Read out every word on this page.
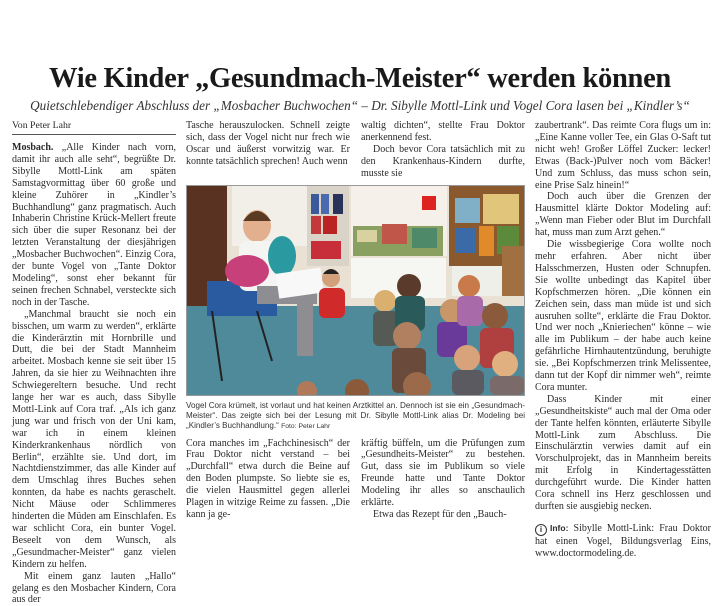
Wie Kinder „Gesundmach-Meister“ werden können
Quietschlebendiger Abschluss der „Mosbacher Buchwochen“ – Dr. Sibylle Mottl-Link und Vogel Cora lasen bei „Kindler’s“
Von Peter Lahr

Mosbach. „Alle Kinder nach vorn, damit ihr auch alle seht“, begrüßte Dr. Sibylle Mottl-Link am späten Samstagvormittag über 60 große und kleine Zuhörer in „Kindler’s Buchhandlung“ ganz pragmatisch. Auch Inhaberin Christine Krück-Mellert freute sich über die super Resonanz bei der letzten Veranstaltung der diesjährigen „Mosbacher Buchwochen“. Einzig Cora, der bunte Vogel von „Tante Doktor Modeling“, sonst eher bekannt für seinen frechen Schnabel, versteckte sich noch in der Tasche.

„Manchmal braucht sie noch ein bisschen, um warm zu werden“, erklärte die Kinderärztin mit Hornbrille und Dutt, die bei der Stadt Mannheim arbeitet. Mosbach kenne sie seit über 15 Jahren, da sie hier zu Weihnachten ihre Schwiegereltern besuche. Und recht lange her war es auch, dass Sibylle Mottl-Link auf Cora traf. „Als ich ganz jung war und frisch von der Uni kam, war ich in einem kleinen Kinderkrankenhaus nördlich von Berlin“, erzählte sie. Und dort, im Nachtdienstzimmer, das alle Kinder auf dem Umschlag ihres Buches sehen konnten, da habe es nachts geraschelt. Nicht Mäuse oder Schlimmeres hinderten die Müden am Einschlafen. Es war schlicht Cora, ein bunter Vogel. Beseelt von dem Wunsch, als „Gesundmacher-Meister“ ganz vielen Kindern zu helfen.

Mit einem ganz lauten „Hallo“ gelang es den Mosbacher Kindern, Cora aus der

Tasche herauszulocken. Schnell zeigte sich, dass der Vogel nicht nur frech wie Oscar und äußerst vorwitzig war. Er konnte tatsächlich sprechen! Auch wenn

waltig dichten“, stellte Frau Doktor anerkennend fest.

Doch bevor Cora tatsächlich mit zu den Krankenhaus-Kindern durfte, musste sie

Vogel Cora krümelt, ist vorlaut und hat keinen Arztkittel an. Dennoch ist sie ein „Gesundmach-Meister“. Das zeigte sich bei der Lesung mit Dr. Sibylle Mottl-Link alias Dr. Modeling bei „Kindler’s Buchhandlung.“ Foto: Peter Lahr

Cora manches im „Fachchinesisch“ der Frau Doktor nicht verstand – bei „Durchfall“ etwa durch die Beine auf den Boden plumpste. So liebte sie es, die vielen Hausmittel gegen allerlei Plagen in witzige Reime zu fassen. „Die kann ja ge-

kräftig büffeln, um die Prüfungen zum „Gesundheits-Meister“ zu bestehen. Gut, dass sie im Publikum so viele Freunde hatte und Tante Doktor Modeling ihr alles so anschaulich erklärte.

Etwa das Rezept für den „Bauch-

zaubertrank“. Das reimte Cora flugs um in: „Eine Kanne voller Tee, ein Glas O-Saft tut nicht weh! Großer Löffel Zucker: lecker! Etwas (Back-)Pulver noch vom Bäcker! Und zum Schluss, das muss schon sein, eine Prise Salz hinein!“

Doch auch über die Grenzen der Hausmittel klärte Doktor Modeling auf: „Wenn man Fieber oder Blut im Durchfall hat, muss man zum Arzt gehen.“

Die wissbegierige Cora wollte noch mehr erfahren. Aber nicht über Halsschmerzen, Husten oder Schnupfen. Sie wollte unbedingt das Kapitel über Kopfschmerzen hören. „Die können ein Zeichen sein, dass man müde ist und sich ausruhen sollte“, erklärte die Frau Doktor. Und wer noch „Knieriechen“ könne – wie alle im Publikum – der habe auch keine gefährliche Hirnhautentzündung, beruhigte sie. „Bei Kopfschmerzen trink Melissentee, dann tut der Kopf dir nimmer weh“, reimte Cora munter.

Dass Kinder mit einer „Gesundheitskiste“ auch mal der Oma oder der Tante helfen könnten, erläuterte Sibylle Mottl-Link zum Abschluss. Die Einschulärztin verwies damit auf ein Vorschulprojekt, das in Mannheim bereits mit Erfolg in Kindertagesstätten durchgeführt wurde. Die Kinder hatten Cora schnell ins Herz geschlossen und durften sie ausgiebig necken.

i Info: Sibylle Mottl-Link: Frau Doktor hat einen Vogel, Bildungsverlag Eins, www.doctormodeling.de.
